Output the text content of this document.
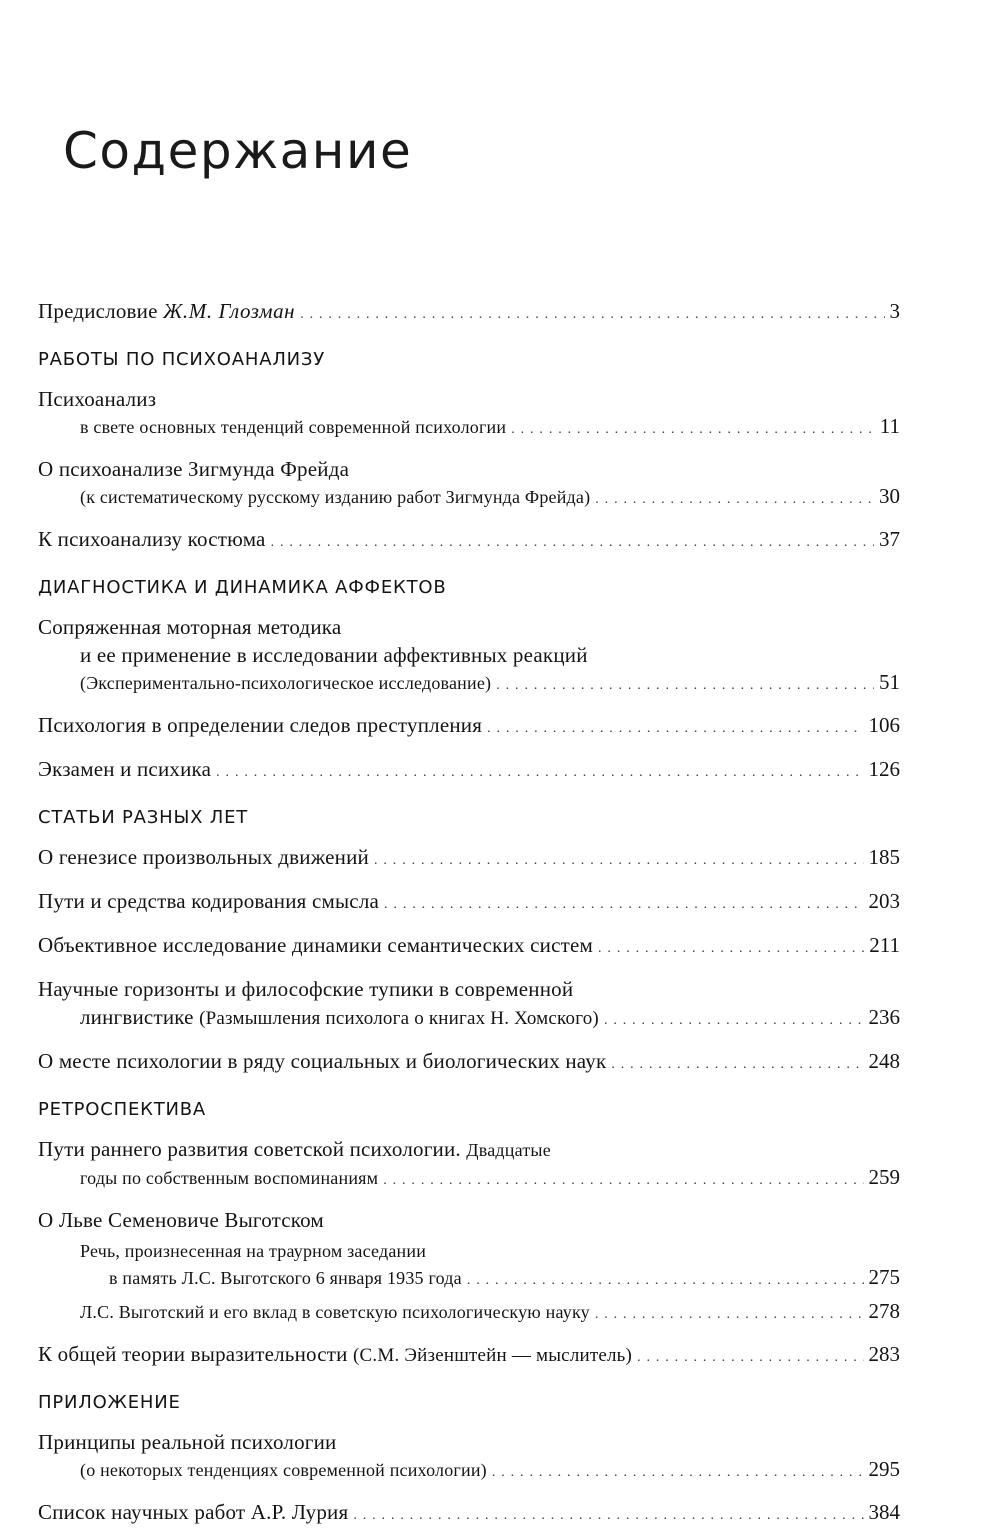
Содержание
Предисловие Ж.М. Глозман . . .	3
РАБОТЫ ПО ПСИХОАНАЛИЗУ
Психоанализ
в свете основных тенденций современной психологии . . .	11
О психоанализе Зигмунда Фрейда
(к систематическому русскому изданию работ Зигмунда Фрейда) . . .	30
К психоанализу костюма . . .	37
ДИАГНОСТИКА И ДИНАМИКА АФФЕКТОВ
Сопряженная моторная методика
и ее применение в исследовании аффективных реакций
(Экспериментально-психологическое исследование) . . .	51
Психология в определении следов преступления . . .	106
Экзамен и психика . . .	126
СТАТЬИ РАЗНЫХ ЛЕТ
О генезисе произвольных движений . . .	185
Пути и средства кодирования смысла . . .	203
Объективное исследование динамики семантических систем . . .	211
Научные горизонты и философские тупики в современной
лингвистике (Размышления психолога о книгах Н. Хомского) . . .	236
О месте психологии в ряду социальных и биологических наук . . .	248
РЕТРОСПЕКТИВА
Пути раннего развития советской психологии. Двадцатые
годы по собственным воспоминаниям . . .	259
О Льве Семеновиче Выготском
Речь, произнесенная на траурном заседании
в память Л.С. Выготского 6 января 1935 года . . .	275
Л.С. Выготский и его вклад в советскую психологическую науку . . .	278
К общей теории выразительности (С.М. Эйзенштейн — мыслитель) . . .	283
ПРИЛОЖЕНИЕ
Принципы реальной психологии
(о некоторых тенденциях современной психологии) . . .	295
Список научных работ А.Р. Лурия . . .	384
